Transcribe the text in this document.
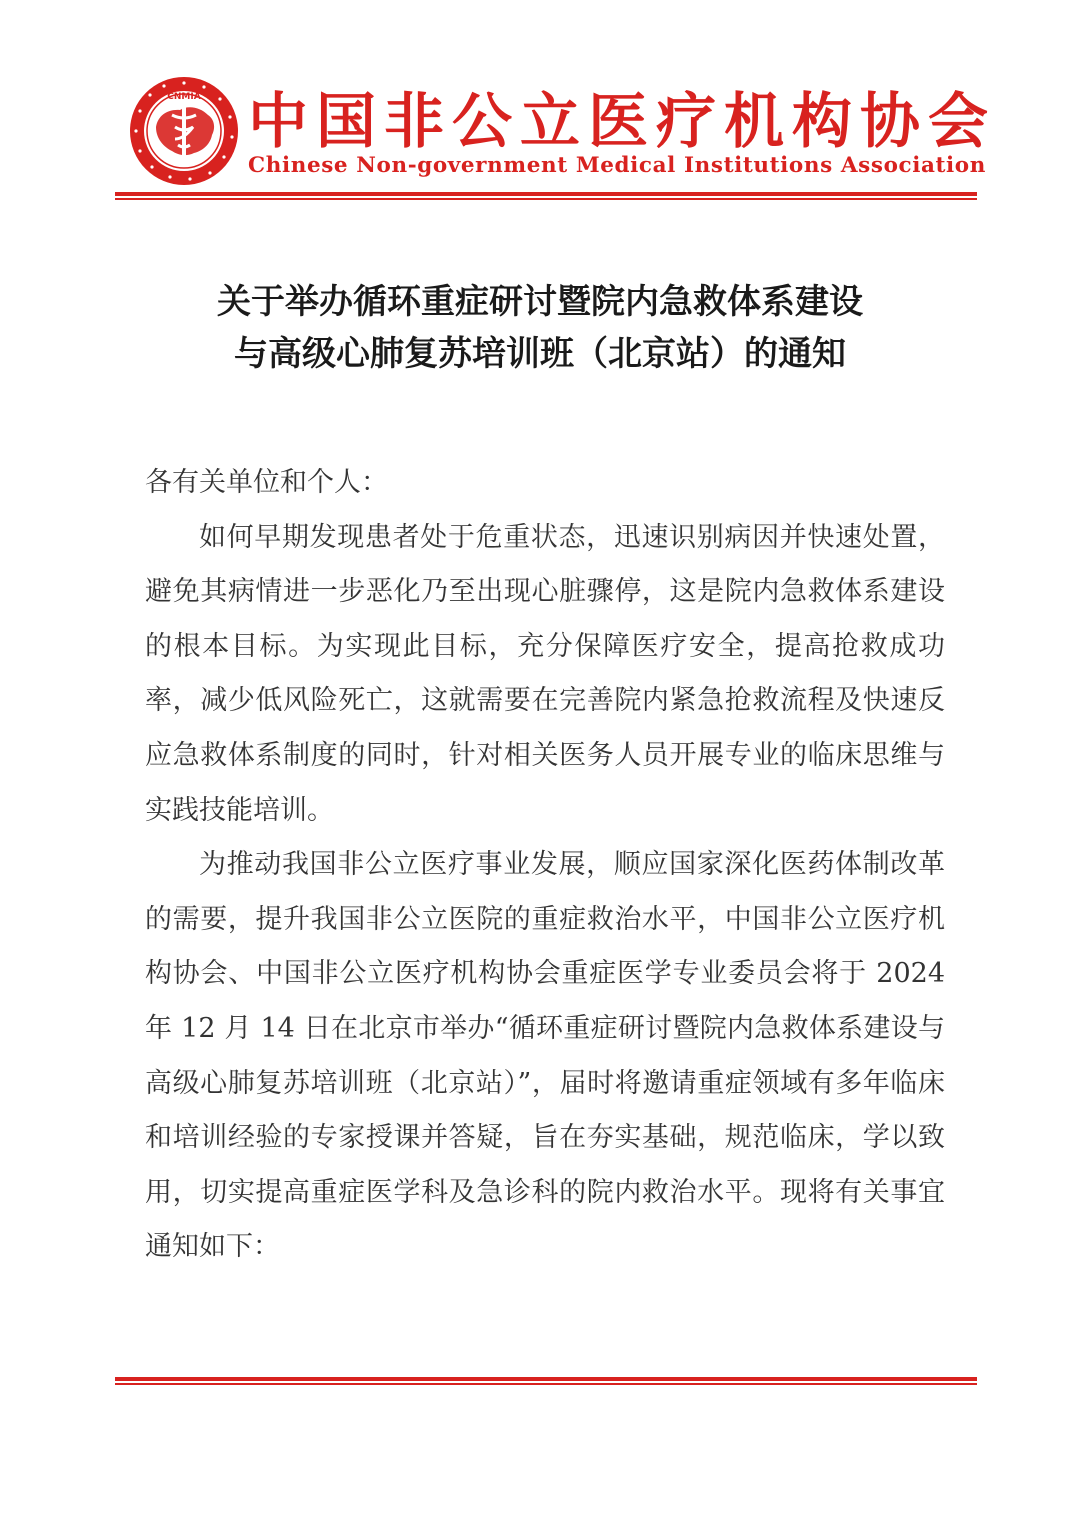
CNMIA 中国非公立医疗机构协会
Chinese Non-government Medical Institutions Association
关于举办循环重症研讨暨院内急救体系建设
与高级心肺复苏培训班（北京站）的通知

各有关单位和个人：

如何早期发现患者处于危重状态，迅速识别病因并快速处置，避免其病情进一步恶化乃至出现心脏骤停，这是院内急救体系建设的根本目标。为实现此目标，充分保障医疗安全，提高抢救成功率，减少低风险死亡，这就需要在完善院内紧急抢救流程及快速反应急救体系制度的同时，针对相关医务人员开展专业的临床思维与实践技能培训。

为推动我国非公立医疗事业发展，顺应国家深化医药体制改革的需要，提升我国非公立医院的重症救治水平，中国非公立医疗机构协会、中国非公立医疗机构协会重症医学专业委员会将于 2024 年 12 月 14 日在北京市举办“循环重症研讨暨院内急救体系建设与高级心肺复苏培训班（北京站）”，届时将邀请重症领域有多年临床和培训经验的专家授课并答疑，旨在夯实基础，规范临床，学以致用，切实提高重症医学科及急诊科的院内救治水平。现将有关事宜通知如下：
